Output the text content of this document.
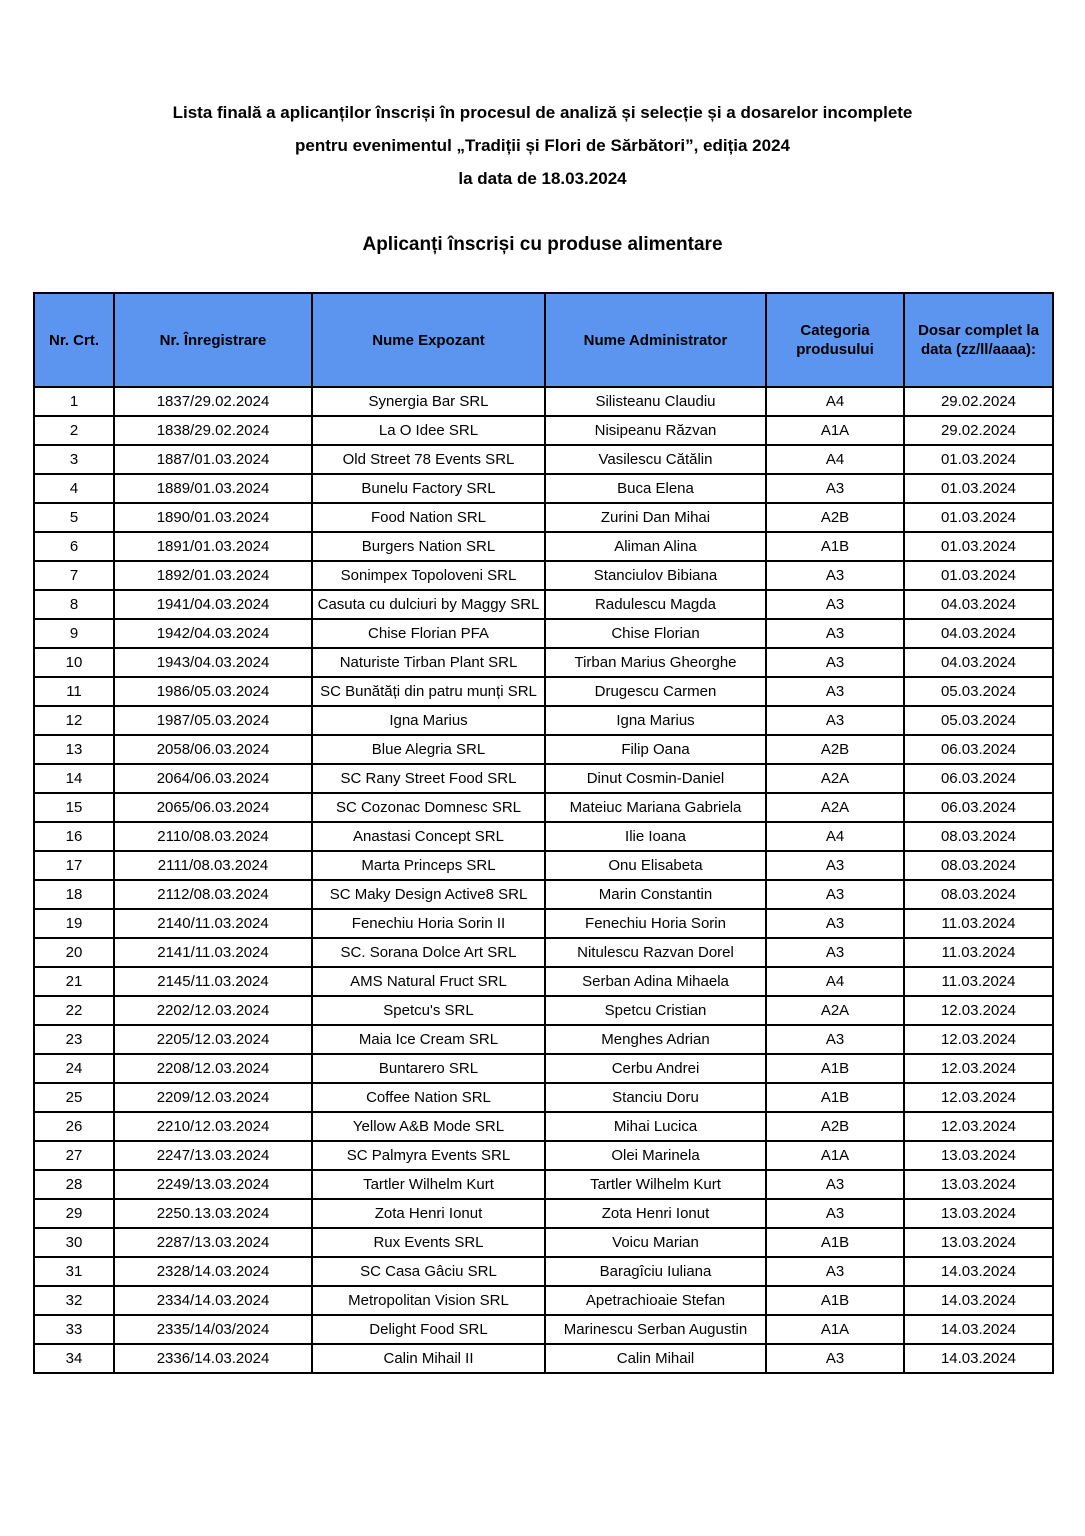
Lista finală a aplicanților înscriși în procesul de analiză și selecție și a dosarelor incomplete
pentru evenimentul „Tradiții și Flori de Sărbători”, ediția 2024
la data de 18.03.2024
Aplicanți înscriși cu produse alimentare
Nr. Crt.	Nr. Înregistrare	Nume Expozant	Nume Administrator	Categoria produsului	Dosar complet la data (zz/ll/aaaa):
1	1837/29.02.2024	Synergia Bar SRL	Silisteanu Claudiu	A4	29.02.2024
2	1838/29.02.2024	La O Idee SRL	Nisipeanu Răzvan	A1A	29.02.2024
3	1887/01.03.2024	Old Street 78 Events SRL	Vasilescu Cătălin	A4	01.03.2024
4	1889/01.03.2024	Bunelu Factory SRL	Buca Elena	A3	01.03.2024
5	1890/01.03.2024	Food Nation SRL	Zurini Dan Mihai	A2B	01.03.2024
6	1891/01.03.2024	Burgers Nation SRL	Aliman Alina	A1B	01.03.2024
7	1892/01.03.2024	Sonimpex Topoloveni SRL	Stanciulov Bibiana	A3	01.03.2024
8	1941/04.03.2024	Casuta cu dulciuri by Maggy SRL	Radulescu Magda	A3	04.03.2024
9	1942/04.03.2024	Chise Florian PFA	Chise Florian	A3	04.03.2024
10	1943/04.03.2024	Naturiste Tirban Plant SRL	Tirban Marius Gheorghe	A3	04.03.2024
11	1986/05.03.2024	SC Bunătăți din patru munți SRL	Drugescu Carmen	A3	05.03.2024
12	1987/05.03.2024	Igna Marius	Igna Marius	A3	05.03.2024
13	2058/06.03.2024	Blue Alegria SRL	Filip Oana	A2B	06.03.2024
14	2064/06.03.2024	SC Rany Street Food SRL	Dinut Cosmin-Daniel	A2A	06.03.2024
15	2065/06.03.2024	SC Cozonac Domnesc SRL	Mateiuc Mariana Gabriela	A2A	06.03.2024
16	2110/08.03.2024	Anastasi Concept SRL	Ilie Ioana	A4	08.03.2024
17	2111/08.03.2024	Marta Princeps SRL	Onu Elisabeta	A3	08.03.2024
18	2112/08.03.2024	SC Maky Design Active8 SRL	Marin Constantin	A3	08.03.2024
19	2140/11.03.2024	Fenechiu Horia Sorin II	Fenechiu Horia Sorin	A3	11.03.2024
20	2141/11.03.2024	SC. Sorana Dolce Art SRL	Nitulescu Razvan Dorel	A3	11.03.2024
21	2145/11.03.2024	AMS Natural Fruct SRL	Serban Adina Mihaela	A4	11.03.2024
22	2202/12.03.2024	Spetcu's SRL	Spetcu Cristian	A2A	12.03.2024
23	2205/12.03.2024	Maia Ice Cream SRL	Menghes Adrian	A3	12.03.2024
24	2208/12.03.2024	Buntarero SRL	Cerbu Andrei	A1B	12.03.2024
25	2209/12.03.2024	Coffee Nation SRL	Stanciu Doru	A1B	12.03.2024
26	2210/12.03.2024	Yellow A&B Mode SRL	Mihai Lucica	A2B	12.03.2024
27	2247/13.03.2024	SC Palmyra Events SRL	Olei Marinela	A1A	13.03.2024
28	2249/13.03.2024	Tartler Wilhelm Kurt	Tartler Wilhelm Kurt	A3	13.03.2024
29	2250.13.03.2024	Zota Henri Ionut	Zota Henri Ionut	A3	13.03.2024
30	2287/13.03.2024	Rux Events SRL	Voicu Marian	A1B	13.03.2024
31	2328/14.03.2024	SC Casa Gâciu SRL	Baragîciu Iuliana	A3	14.03.2024
32	2334/14.03.2024	Metropolitan Vision SRL	Apetrachioaie Stefan	A1B	14.03.2024
33	2335/14/03/2024	Delight Food SRL	Marinescu Serban Augustin	A1A	14.03.2024
34	2336/14.03.2024	Calin Mihail II	Calin Mihail	A3	14.03.2024
